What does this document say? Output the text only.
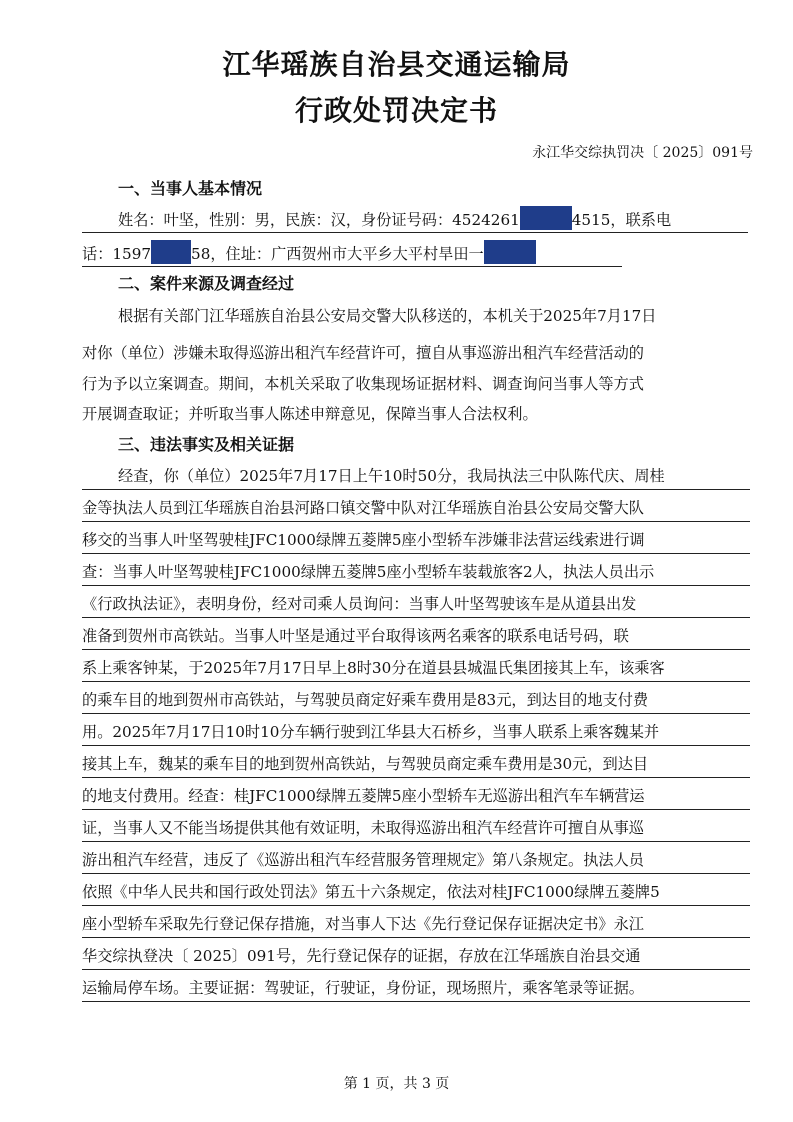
江华瑶族自治县交通运输局
行政处罚决定书
永江华交综执罚决〔 2025〕091号
一、当事人基本情况
姓名：叶坚，性别：男，民族：汉，身份证号码：4524261	4515，联系电
话：1597	58，住址：广西贺州市大平乡大平村旱田一
二、案件来源及调查经过
根据有关部门江华瑶族自治县公安局交警大队移送的，本机关于2025年7月17日
对你（单位）涉嫌未取得巡游出租汽车经营许可，擅自从事巡游出租汽车经营活动的
行为予以立案调查。期间，本机关采取了收集现场证据材料、调查询问当事人等方式
开展调查取证；并听取当事人陈述申辩意见，保障当事人合法权利。
三、违法事实及相关证据
经查，你（单位）2025年7月17日上午10时50分，我局执法三中队陈代庆、周桂
金等执法人员到江华瑶族自治县河路口镇交警中队对江华瑶族自治县公安局交警大队
移交的当事人叶坚驾驶桂JFC1000绿牌五菱牌5座小型轿车涉嫌非法营运线索进行调
查：当事人叶坚驾驶桂JFC1000绿牌五菱牌5座小型轿车装载旅客2人，执法人员出示
《行政执法证》，表明身份，经对司乘人员询问：当事人叶坚驾驶该车是从道县出发
准备到贺州市高铁站。当事人叶坚是通过平台取得该两名乘客的联系电话号码，联
系上乘客钟某，于2025年7月17日早上8时30分在道县县城温氏集团接其上车，该乘客
的乘车目的地到贺州市高铁站，与驾驶员商定好乘车费用是83元，到达目的地支付费
用。2025年7月17日10时10分车辆行驶到江华县大石桥乡，当事人联系上乘客魏某并
接其上车，魏某的乘车目的地到贺州高铁站，与驾驶员商定乘车费用是30元，到达目
的地支付费用。经查：桂JFC1000绿牌五菱牌5座小型轿车无巡游出租汽车车辆营运
证，当事人又不能当场提供其他有效证明，未取得巡游出租汽车经营许可擅自从事巡
游出租汽车经营，违反了《巡游出租汽车经营服务管理规定》第八条规定。执法人员
依照《中华人民共和国行政处罚法》第五十六条规定，依法对桂JFC1000绿牌五菱牌5
座小型轿车采取先行登记保存措施，对当事人下达《先行登记保存证据决定书》永江
华交综执登决〔 2025〕091号，先行登记保存的证据，存放在江华瑶族自治县交通
运输局停车场。主要证据：驾驶证，行驶证，身份证，现场照片，乘客笔录等证据。
第 1 页，共 3 页
